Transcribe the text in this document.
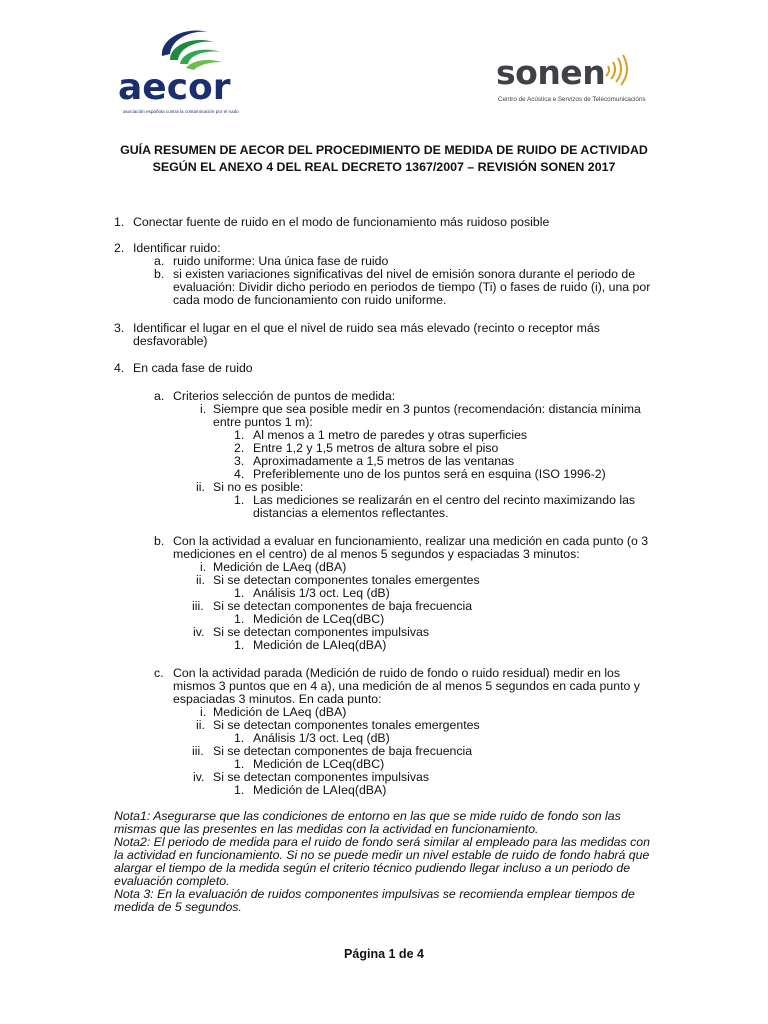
aecor
asociación española contra la contaminación por el ruido
sonen
Centro de Acústica e Servizos de Telecomunicacións
GUÍA RESUMEN DE AECOR DEL PROCEDIMIENTO DE MEDIDA DE RUIDO DE ACTIVIDAD
SEGÚN EL ANEXO 4 DEL REAL DECRETO 1367/2007 – REVISIÓN SONEN 2017
1. Conectar fuente de ruido en el modo de funcionamiento más ruidoso posible
2. Identificar ruido:
a. ruido uniforme: Una única fase de ruido
b. si existen variaciones significativas del nivel de emisión sonora durante el periodo de
evaluación: Dividir dicho periodo en periodos de tiempo (Ti) o fases de ruido (i), una por
cada modo de funcionamiento con ruido uniforme.
3. Identificar el lugar en el que el nivel de ruido sea más elevado (recinto o receptor más
desfavorable)
4. En cada fase de ruido
a. Criterios selección de puntos de medida:
i. Siempre que sea posible medir en 3 puntos (recomendación: distancia mínima
entre puntos 1 m):
1. Al menos a 1 metro de paredes y otras superficies
2. Entre 1,2 y 1,5 metros de altura sobre el piso
3. Aproximadamente a 1,5 metros de las ventanas
4. Preferiblemente uno de los puntos será en esquina (ISO 1996-2)
ii. Si no es posible:
1. Las mediciones se realizarán en el centro del recinto maximizando las
distancias a elementos reflectantes.
b. Con la actividad a evaluar en funcionamiento, realizar una medición en cada punto (o 3
mediciones en el centro) de al menos 5 segundos y espaciadas 3 minutos:
i. Medición de LAeq (dBA)
ii. Si se detectan componentes tonales emergentes
1. Análisis 1/3 oct. Leq (dB)
iii. Si se detectan componentes de baja frecuencia
1. Medición de LCeq(dBC)
iv. Si se detectan componentes impulsivas
1. Medición de LAIeq(dBA)
c. Con la actividad parada (Medición de ruido de fondo o ruido residual) medir en los
mismos 3 puntos que en 4 a), una medición de al menos 5 segundos en cada punto y
espaciadas 3 minutos. En cada punto:
i. Medición de LAeq (dBA)
ii. Si se detectan componentes tonales emergentes
1. Análisis 1/3 oct. Leq (dB)
iii. Si se detectan componentes de baja frecuencia
1. Medición de LCeq(dBC)
iv. Si se detectan componentes impulsivas
1. Medición de LAIeq(dBA)
Nota1: Asegurarse que las condiciones de entorno en las que se mide ruido de fondo son las
mismas que las presentes en las medidas con la actividad en funcionamiento.
Nota2: El periodo de medida para el ruido de fondo será similar al empleado para las medidas con
la actividad en funcionamiento. Si no se puede medir un nivel estable de ruido de fondo habrá que
alargar el tiempo de la medida según el criterio técnico pudiendo llegar incluso a un periodo de
evaluación completo.
Nota 3: En la evaluación de ruidos componentes impulsivas se recomienda emplear tiempos de
medida de 5 segundos.
Página 1 de 4
